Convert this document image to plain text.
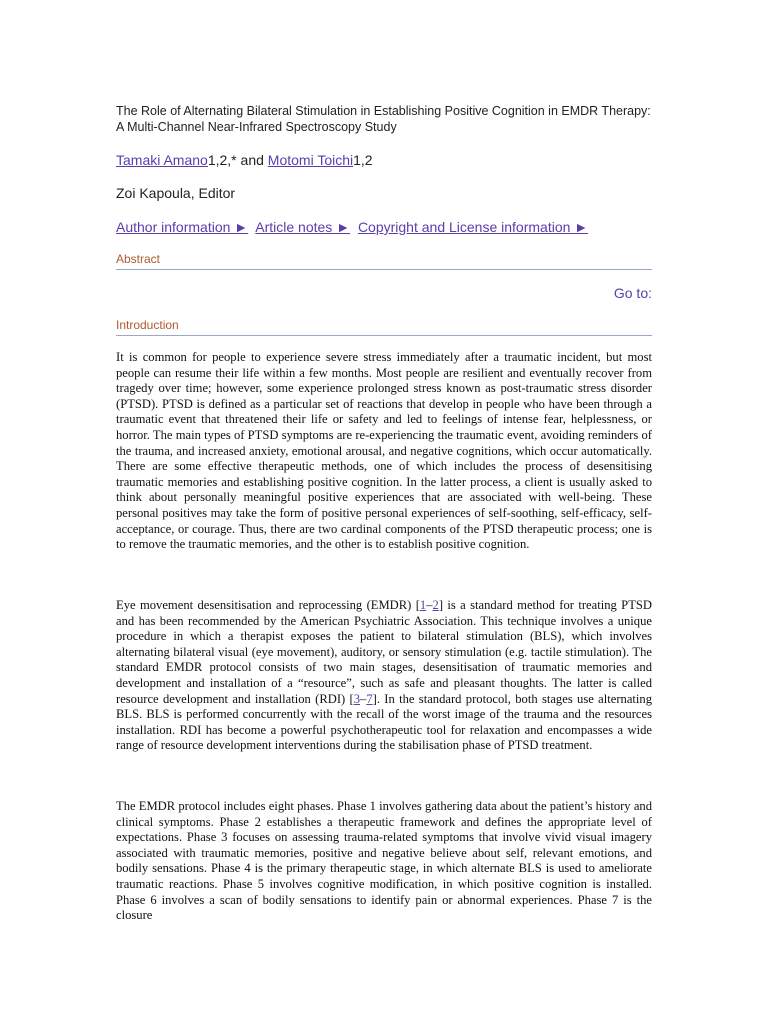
The Role of Alternating Bilateral Stimulation in Establishing Positive Cognition in EMDR Therapy: A Multi-Channel Near-Infrared Spectroscopy Study
Tamaki Amano1,2,* and Motomi Toichi1,2
Zoi Kapoula, Editor
Author information ► Article notes ► Copyright and License information ►
Abstract
Go to:
Introduction

It is common for people to experience severe stress immediately after a traumatic incident, but most people can resume their life within a few months. Most people are resilient and eventually recover from tragedy over time; however, some experience prolonged stress known as post-traumatic stress disorder (PTSD). PTSD is defined as a particular set of reactions that develop in people who have been through a traumatic event that threatened their life or safety and led to feelings of intense fear, helplessness, or horror. The main types of PTSD symptoms are re-experiencing the traumatic event, avoiding reminders of the trauma, and increased anxiety, emotional arousal, and negative cognitions, which occur automatically. There are some effective therapeutic methods, one of which includes the process of desensitising traumatic memories and establishing positive cognition. In the latter process, a client is usually asked to think about personally meaningful positive experiences that are associated with well-being. These personal positives may take the form of positive personal experiences of self-soothing, self-efficacy, self-acceptance, or courage. Thus, there are two cardinal components of the PTSD therapeutic process; one is to remove the traumatic memories, and the other is to establish positive cognition.

Eye movement desensitisation and reprocessing (EMDR) [1–2] is a standard method for treating PTSD and has been recommended by the American Psychiatric Association. This technique involves a unique procedure in which a therapist exposes the patient to bilateral stimulation (BLS), which involves alternating bilateral visual (eye movement), auditory, or sensory stimulation (e.g. tactile stimulation). The standard EMDR protocol consists of two main stages, desensitisation of traumatic memories and development and installation of a “resource”, such as safe and pleasant thoughts. The latter is called resource development and installation (RDI) [3–7]. In the standard protocol, both stages use alternating BLS. BLS is performed concurrently with the recall of the worst image of the trauma and the resources installation. RDI has become a powerful psychotherapeutic tool for relaxation and encompasses a wide range of resource development interventions during the stabilisation phase of PTSD treatment.

The EMDR protocol includes eight phases. Phase 1 involves gathering data about the patient’s history and clinical symptoms. Phase 2 establishes a therapeutic framework and defines the appropriate level of expectations. Phase 3 focuses on assessing trauma-related symptoms that involve vivid visual imagery associated with traumatic memories, positive and negative believe about self, relevant emotions, and bodily sensations. Phase 4 is the primary therapeutic stage, in which alternate BLS is used to ameliorate traumatic reactions. Phase 5 involves cognitive modification, in which positive cognition is installed. Phase 6 involves a scan of bodily sensations to identify pain or abnormal experiences. Phase 7 is the closure
